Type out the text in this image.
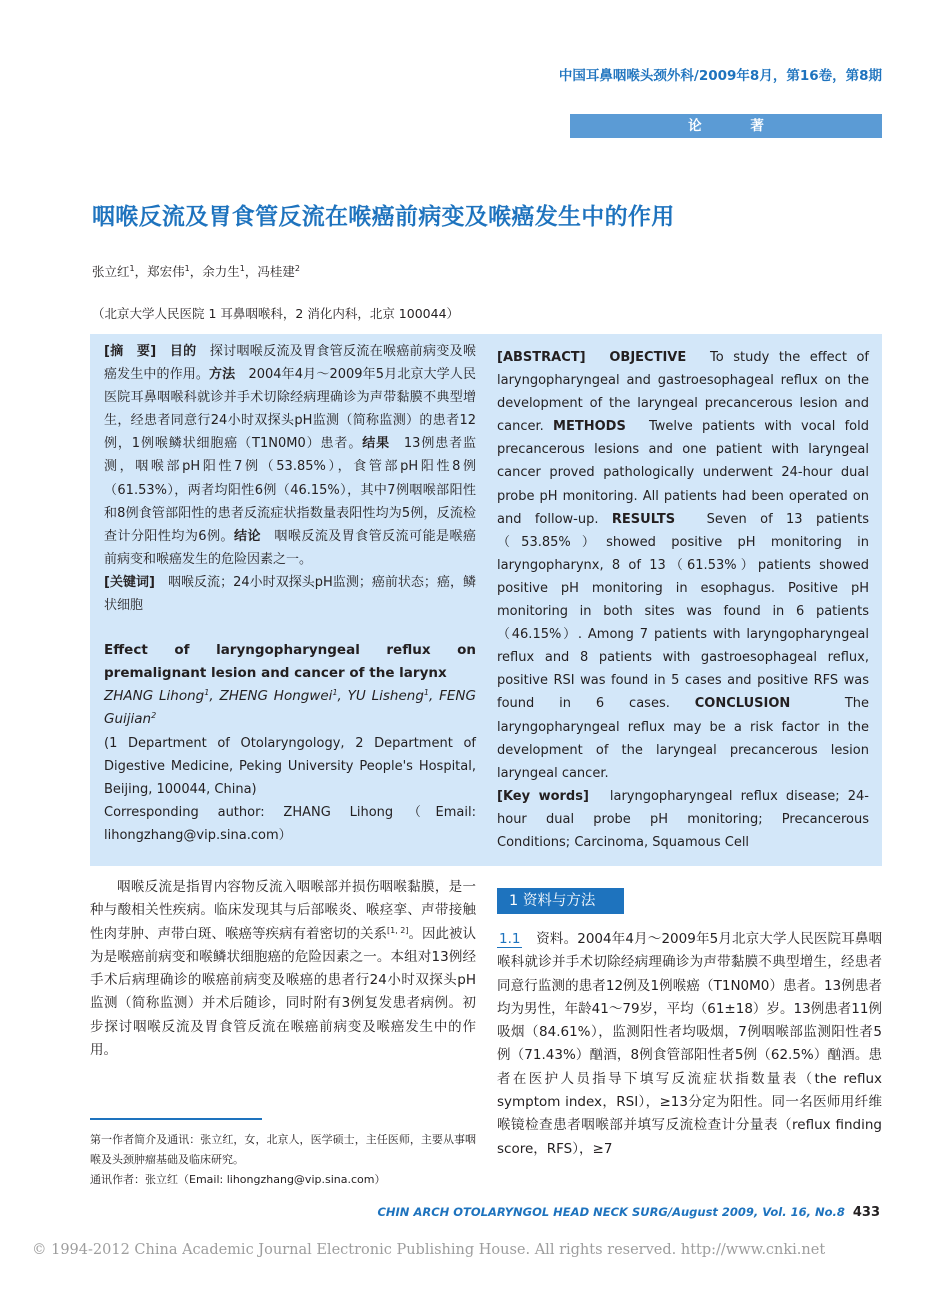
中国耳鼻咽喉头颈外科/2009年8月，第16卷，第8期
论 著
咽喉反流及胃食管反流在喉癌前病变及喉癌发生中的作用
张立红$^1$，郑宏伟$^1$，余力生$^1$，冯桂建$^2$
（北京大学人民医院 1 耳鼻咽喉科，2 消化内科，北京 100044）

[摘　要]　 目的　探讨咽喉反流及胃食管反流在喉癌前病变及喉癌发生中的作用。方法　2004年4月～2009年5月北京大学人民医院耳鼻咽喉科就诊并手术切除经病理确诊为声带黏膜不典型增生，经患者同意行24小时双探头pH监测（简称监测）的患者12例，1例喉鳞状细胞癌（T1N0M0）患者。结果　13例患者监测，咽喉部pH阳性7例（53.85%），食管部pH阳性8例（61.53%），两者均阳性6例（46.15%），其中7例咽喉部阳性和8例食管部阳性的患者反流症状指数量表阳性均为5例，反流检查计分阳性均为6例。结论　咽喉反流及胃食管反流可能是喉癌前病变和喉癌发生的危险因素之一。

[关键词]　咽喉反流；24小时双探头pH监测；癌前状态；癌，鳞状细胞

Effect of laryngopharyngeal reflux on premalignant lesion and cancer of the larynx

ZHANG Lihong$^1$, ZHENG Hongwei$^1$, YU Lisheng$^1$, FENG Guijian$^2$

(1 Department of Otolaryngology, 2 Department of Digestive Medicine, Peking University People's Hospital, Beijing, 100044, China)

Corresponding author: ZHANG Lihong（Email: lihongzhang@vip.sina.com）

[ABSTRACT]　 OBJECTIVE　To study the effect of laryngopharyngeal and gastroesophageal reflux on the development of the laryngeal precancerous lesion and cancer. METHODS　Twelve patients with vocal fold precancerous lesions and one patient with laryngeal cancer proved pathologically underwent 24-hour dual probe pH monitoring. All patients had been operated on and follow-up. RESULTS　Seven of 13 patients（53.85%）showed positive pH monitoring in laryngopharynx, 8 of 13（61.53%）patients showed positive pH monitoring in esophagus. Positive pH monitoring in both sites was found in 6 patients（46.15%）. Among 7 patients with laryngopharyngeal reflux and 8 patients with gastroesophageal reflux, positive RSI was found in 5 cases and positive RFS was found in 6 cases. CONCLUSION　The laryngopharyngeal reflux may be a risk factor in the development of the laryngeal precancerous lesion laryngeal cancer.

[Key words]　laryngopharyngeal reflux disease; 24-hour dual probe pH monitoring; Precancerous Conditions; Carcinoma, Squamous Cell

咽喉反流是指胃内容物反流入咽喉部并损伤咽喉黏膜，是一种与酸相关性疾病。临床发现其与后部喉炎、喉痉挛、声带接触性肉芽肿、声带白斑、喉癌等疾病有着密切的关系[1, 2]。因此被认为是喉癌前病变和喉鳞状细胞癌的危险因素之一。本组对13例经手术后病理确诊的喉癌前病变及喉癌的患者行24小时双探头pH监测（简称监测）并术后随诊，同时附有3例复发患者病例。初步探讨咽喉反流及胃食管反流在喉癌前病变及喉癌发生中的作用。

第一作者简介及通讯：张立红，女，北京人，医学硕士，主任医师，主要从事咽喉及头颈肿瘤基础及临床研究。

通讯作者：张立红（Email: lihongzhang@vip.sina.com）

1 资料与方法
1.1　资料。2004年4月～2009年5月北京大学人民医院耳鼻咽喉科就诊并手术切除经病理确诊为声带黏膜不典型增生，经患者同意行监测的患者12例及1例喉癌（T1N0M0）患者。13例患者均为男性，年龄41～79岁，平均（61±18）岁。13例患者11例吸烟（84.61%），监测阳性者均吸烟，7例咽喉部监测阳性者5例（71.43%）酗酒，8例食管部阳性者5例（62.5%）酗酒。患者在医护人员指导下填写反流症状指数量表（the reflux symptom index，RSI），≥13分定为阳性。同一名医师用纤维喉镜检查患者咽喉部并填写反流检查计分量表（reflux finding score，RFS），≥7
CHIN ARCH OTOLARYNGOL HEAD NECK SURG/August 2009, Vol. 16, No.8 433
© 1994-2012 China Academic Journal Electronic Publishing House. All rights reserved. http://www.cnki.net
